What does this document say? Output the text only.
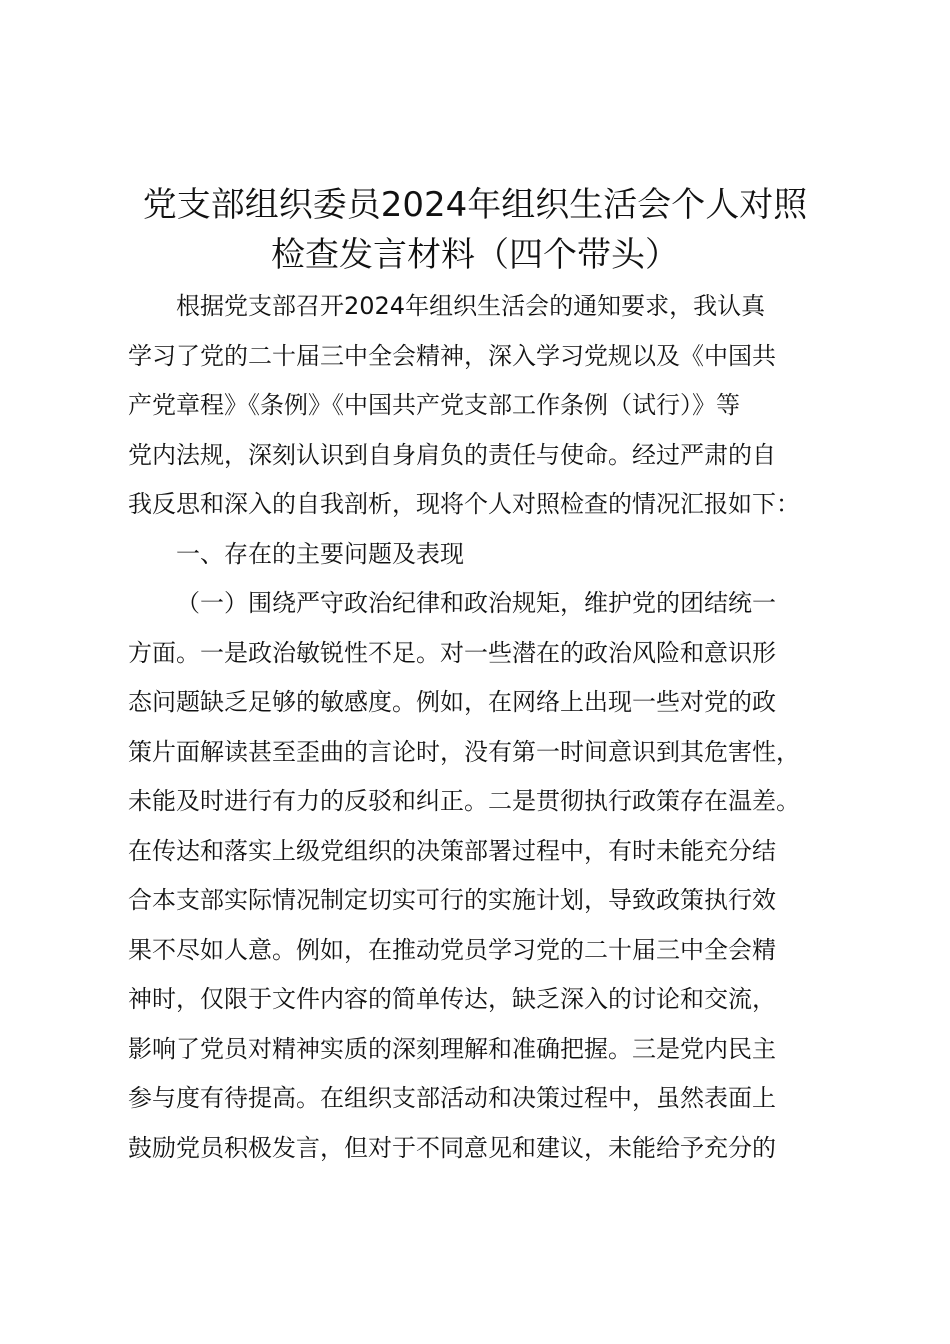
党支部组织委员2024年组织生活会个人对照
检查发言材料（四个带头）
根据党支部召开2024年组织生活会的通知要求，我认真
学习了党的二十届三中全会精神，深入学习党规以及《中国共
产党章程》《条例》《中国共产党支部工作条例（试行）》等
党内法规，深刻认识到自身肩负的责任与使命。经过严肃的自
我反思和深入的自我剖析，现将个人对照检查的情况汇报如下：
一、存在的主要问题及表现
（一）围绕严守政治纪律和政治规矩，维护党的团结统一
方面。一是政治敏锐性不足。对一些潜在的政治风险和意识形
态问题缺乏足够的敏感度。例如，在网络上出现一些对党的政
策片面解读甚至歪曲的言论时，没有第一时间意识到其危害性，
未能及时进行有力的反驳和纠正。二是贯彻执行政策存在温差。
在传达和落实上级党组织的决策部署过程中，有时未能充分结
合本支部实际情况制定切实可行的实施计划，导致政策执行效
果不尽如人意。例如，在推动党员学习党的二十届三中全会精
神时，仅限于文件内容的简单传达，缺乏深入的讨论和交流，
影响了党员对精神实质的深刻理解和准确把握。三是党内民主
参与度有待提高。在组织支部活动和决策过程中，虽然表面上
鼓励党员积极发言，但对于不同意见和建议，未能给予充分的
